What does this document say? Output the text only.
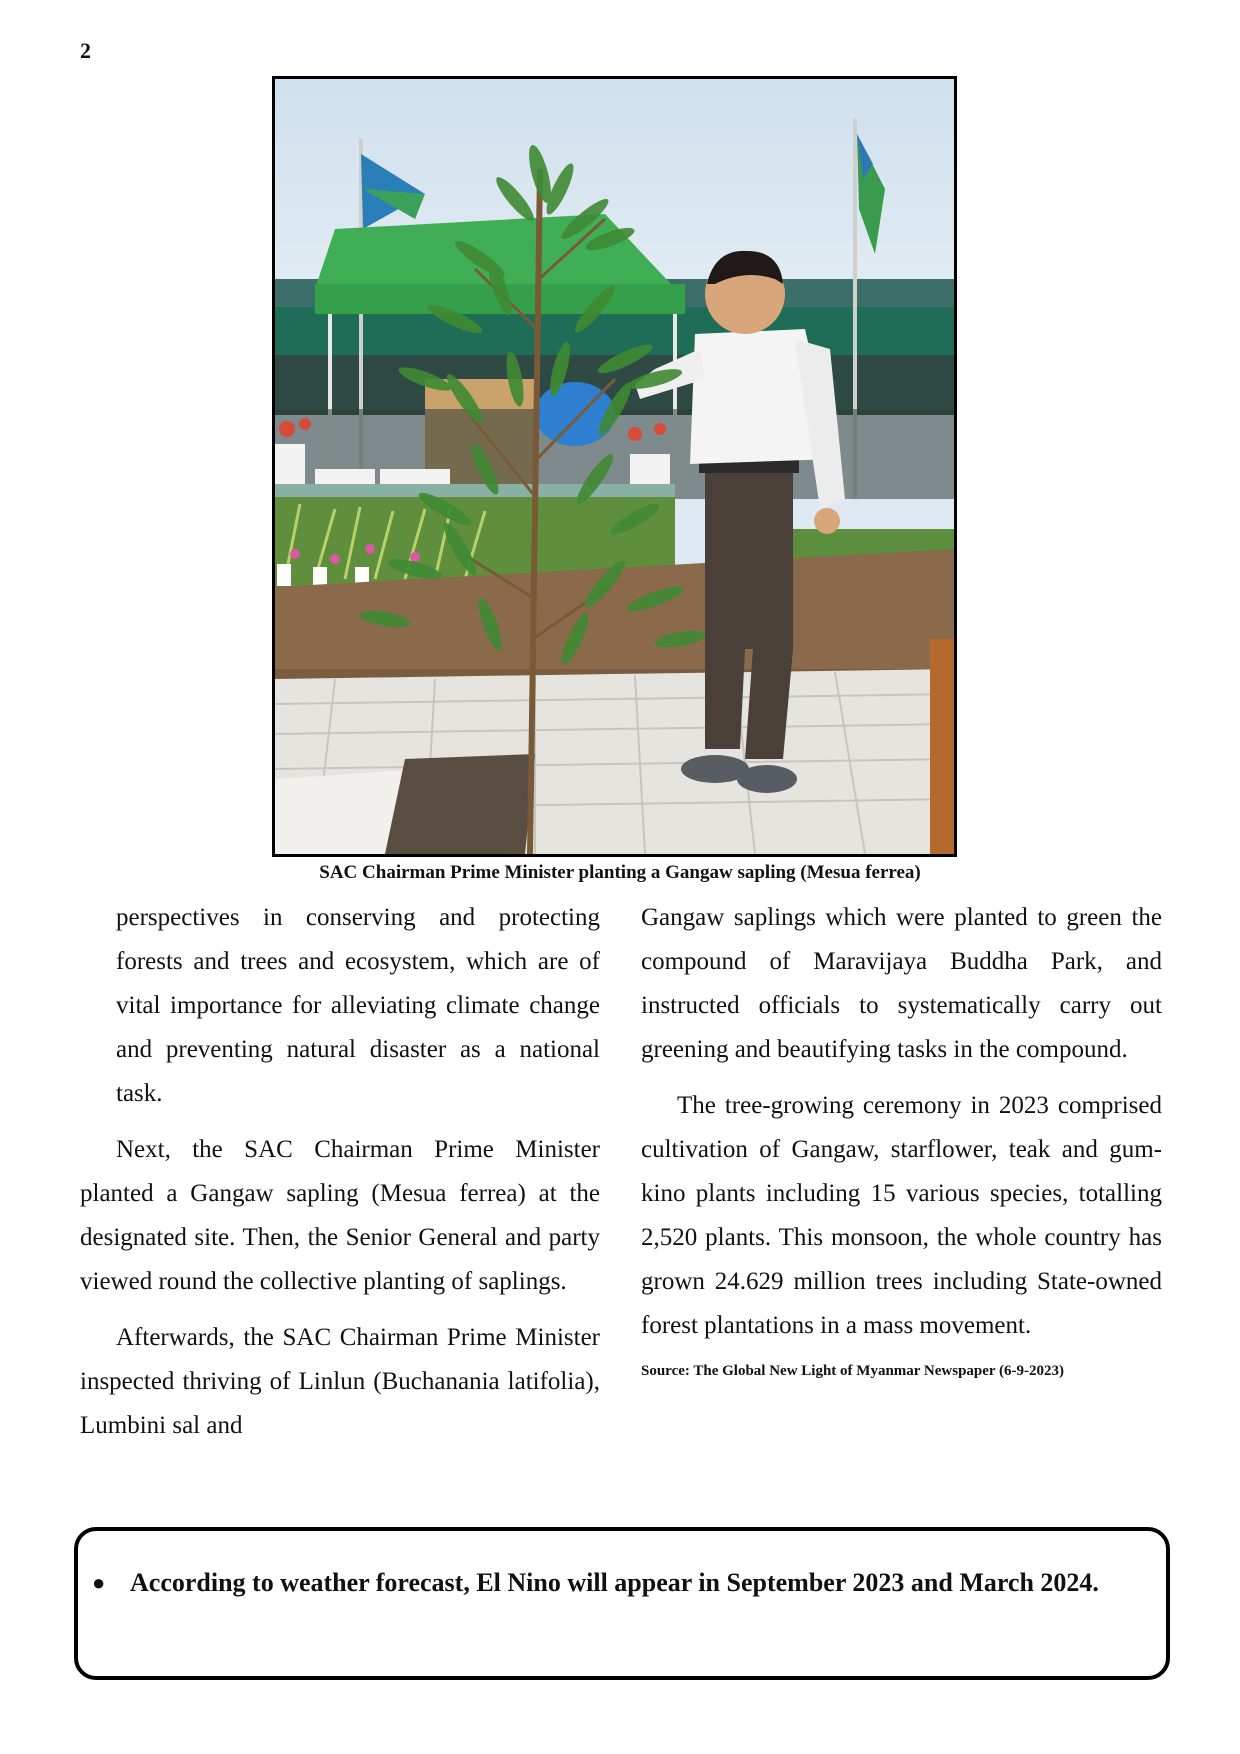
2
SAC Chairman Prime Minister planting a Gangaw sapling (Mesua ferrea)

perspectives in conserving and protecting forests and trees and ecosystem, which are of vital importance for alleviating climate change and preventing natural disaster as a national task.

Next, the SAC Chairman Prime Minister planted a Gangaw sapling (Mesua ferrea) at the designated site. Then, the Senior General and party viewed round the collective planting of saplings.

Afterwards, the SAC Chairman Prime Minister inspected thriving of Linlun (Buchanania latifolia), Lumbini sal and

Gangaw saplings which were planted to green the compound of Maravijaya Buddha Park, and instructed officials to systematically carry out greening and beautifying tasks in the compound.

The tree-growing ceremony in 2023 comprised cultivation of Gangaw, starflower, teak and gum-kino plants including 15 various species, totalling 2,520 plants. This monsoon, the whole country has grown 24.629 million trees including State-owned forest plantations in a mass movement.

Source: The Global New Light of Myanmar Newspaper (6-9-2023)

● According to weather forecast, El Nino will appear in September 2023 and March 2024.
